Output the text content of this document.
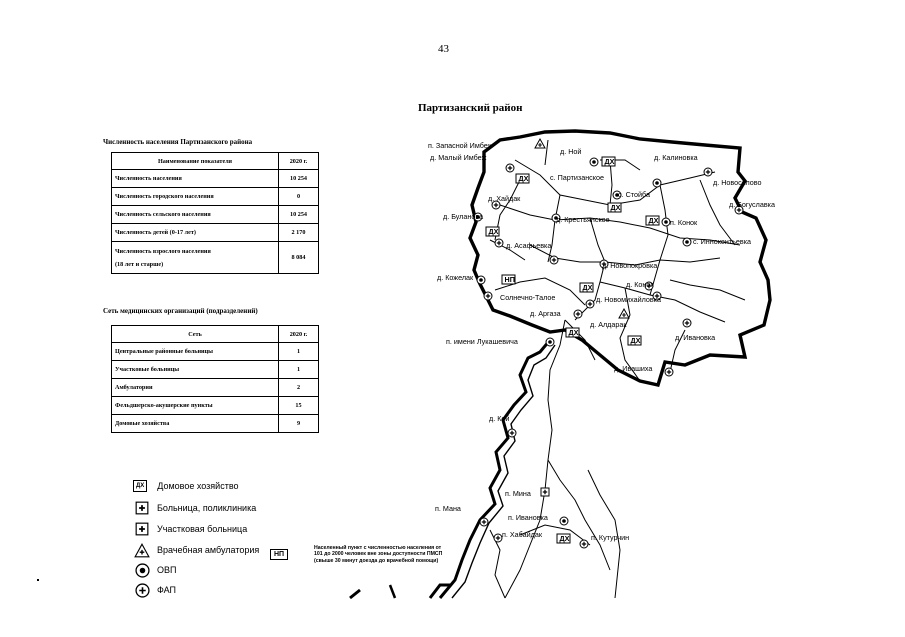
43
Партизанский район
Численность населения Партизанского района
Наименование показателя	2020 г.
Численность населения	10 254
Численность городского населения	0
Численность сельского населения	10 254
Численность детей (0-17 лет)	2 170

Численность взрослого населения
(18 лет и старше)	8 084
Сеть медицинских организаций (подразделений)
Сеть	2020 г.
Центральные районные больницы	1
Участковые больницы	1
Амбулатории	2
Фельдшерско-акушерские пункты	15
Домовые хозяйства	9
ДХ
ДХ
ДХ
ДХ
ДХ
ДХ
ДХ
ДХ
ДХ
НП
п. Запасной Имбеж
д. Малый Имбеж
д. Ной
д. Калиновка
с. Партизанское
д. Новоселово
с. Стойба
д. Богуславка
д. Хайдак
д. Буланова	д. Крестьянское	п. Конок
д. Асафьевка	с. Иннокентьевка
д. Новопокровка
д. Кожелак
д. Конок
Солнечно-Талое	д. Новомихайловка
д. Аргаза
д. Алдарак
п. имени Лукашевича	д. Ивановка
д. Ивашиха
д. Кой
п. Мина
п. Мана
п. Ивановка
п. Хабайдак	п. Кутурчин
ДХ	Домовое хозяйство
Больница, поликлиника
Участковая больница
Врачебная амбулатория
ОВП
ФАП
НП
Населенный пункт с численностью населения от 101 до 2000 человек вне зоны доступности ПМСП (свыше 30 минут доезда до врачебной помощи)
